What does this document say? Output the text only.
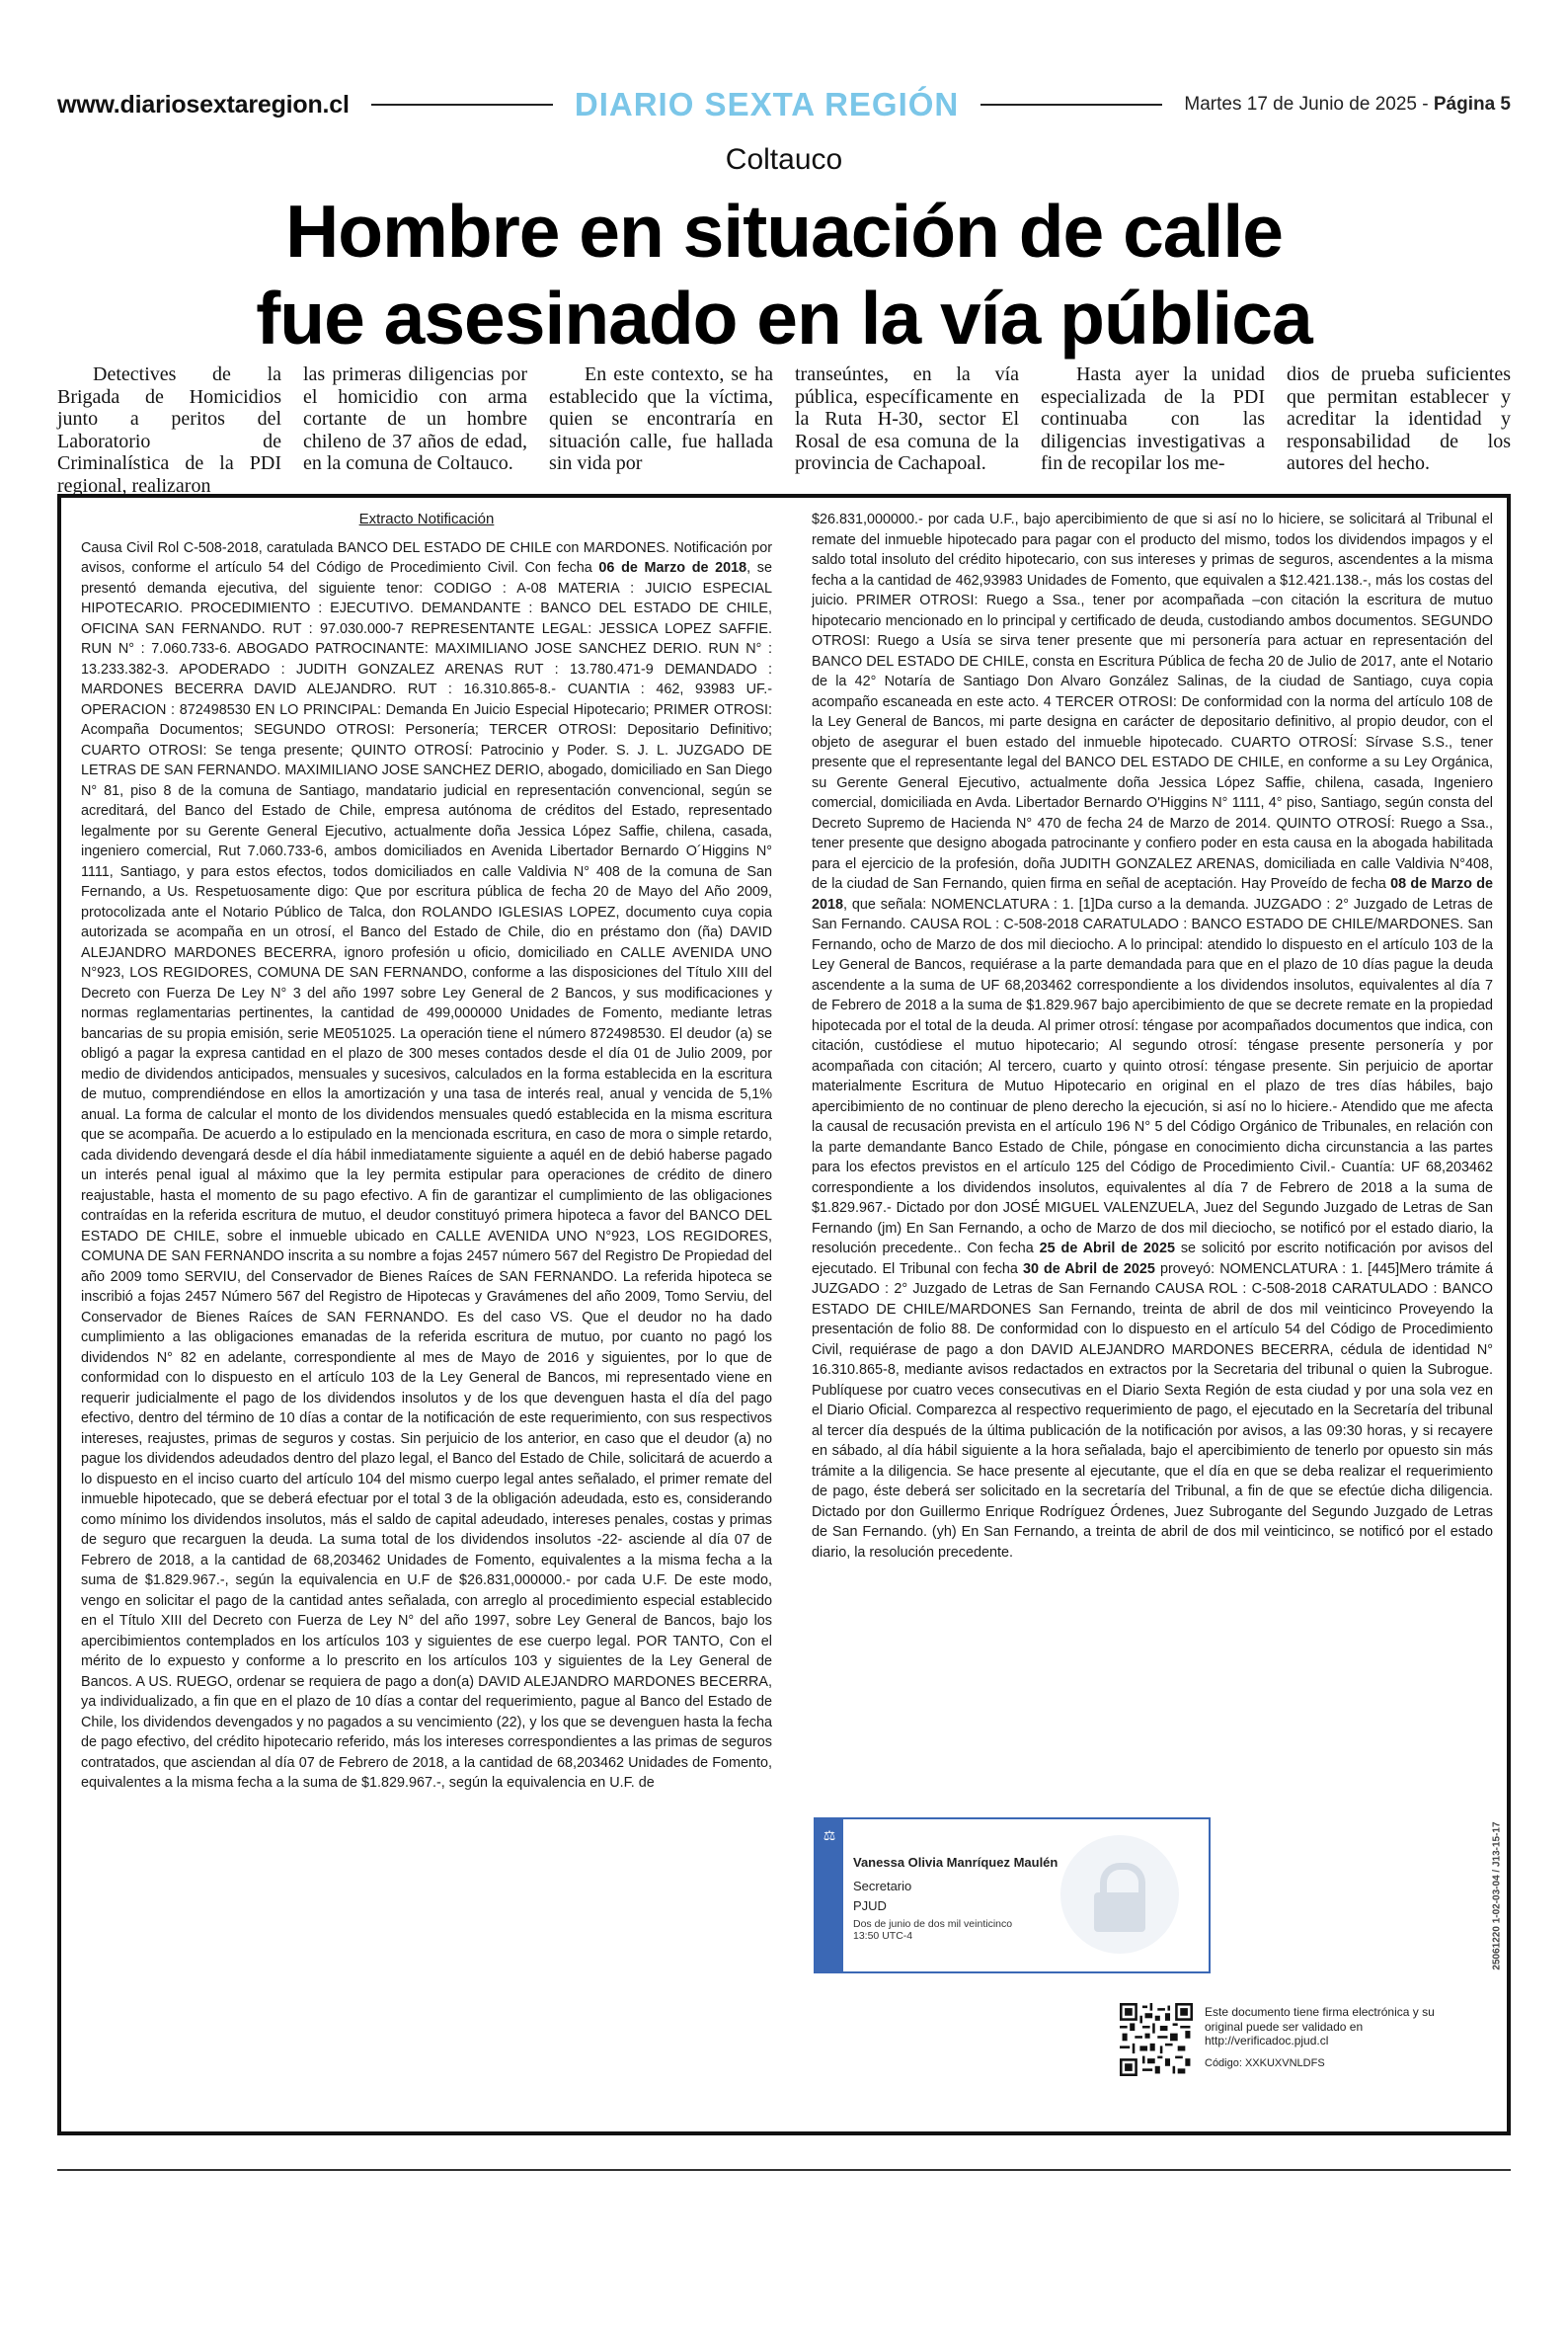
www.diariosextaregion.cl	DIARIO SEXTA REGIÓN	Martes 17 de Junio de 2025 - Página 5
Coltauco
Hombre en situación de calle
fue asesinado en la vía pública

Detectives de la Brigada de Homicidios junto a peritos del Laboratorio de Criminalística de la PDI regional, realizaron

las primeras diligencias por el homicidio con arma cortante de un hombre chileno de 37 años de edad, en la comuna de Coltauco.

En este contexto, se ha establecido que la víctima, quien se encontraría en situación calle, fue hallada sin vida por

transeúntes, en la vía pública, específicamente en la Ruta H-30, sector El Rosal de esa comuna de la provincia de Cachapoal.

Hasta ayer la unidad especializada de la PDI continuaba con las diligencias investigativas a fin de recopilar los me-

dios de prueba suficientes que permitan establecer y acreditar la identidad y responsabilidad de los autores del hecho.

Extracto Notificación

Causa Civil Rol C-508-2018, caratulada BANCO DEL ESTADO DE CHILE con MARDONES. Notificación por avisos, conforme el artículo 54 del Código de Procedimiento Civil. Con fecha 06 de Marzo de 2018, se presentó demanda ejecutiva, del siguiente tenor: CODIGO : A-08 MATERIA : JUICIO ESPECIAL HIPOTECARIO. PROCEDIMIENTO : EJECUTIVO. DEMANDANTE : BANCO DEL ESTADO DE CHILE, OFICINA SAN FERNANDO. RUT : 97.030.000-7 REPRESENTANTE LEGAL: JESSICA LOPEZ SAFFIE. RUN N° : 7.060.733-6. ABOGADO PATROCINANTE: MAXIMILIANO JOSE SANCHEZ DERIO. RUN N° : 13.233.382-3. APODERADO : JUDITH GONZALEZ ARENAS RUT : 13.780.471-9 DEMANDADO : MARDONES BECERRA DAVID ALEJANDRO. RUT : 16.310.865-8.- CUANTIA : 462, 93983 UF.- OPERACION : 872498530 EN LO PRINCIPAL: Demanda En Juicio Especial Hipotecario; PRIMER OTROSI: Acompaña Documentos; SEGUNDO OTROSI: Personería; TERCER OTROSI: Depositario Definitivo; CUARTO OTROSI: Se tenga presente; QUINTO OTROSÍ: Patrocinio y Poder. S. J. L. JUZGADO DE LETRAS DE SAN FERNANDO. MAXIMILIANO JOSE SANCHEZ DERIO, abogado, domiciliado en San Diego N° 81, piso 8 de la comuna de Santiago, mandatario judicial en representación convencional, según se acreditará, del Banco del Estado de Chile, empresa autónoma de créditos del Estado, representado legalmente por su Gerente General Ejecutivo, actualmente doña Jessica López Saffie, chilena, casada, ingeniero comercial, Rut 7.060.733-6, ambos domiciliados en Avenida Libertador Bernardo O´Higgins N° 1111, Santiago, y para estos efectos, todos domiciliados en calle Valdivia N° 408 de la comuna de San Fernando, a Us. Respetuosamente digo: Que por escritura pública de fecha 20 de Mayo del Año 2009, protocolizada ante el Notario Público de Talca, don ROLANDO IGLESIAS LOPEZ, documento cuya copia autorizada se acompaña en un otrosí, el Banco del Estado de Chile, dio en préstamo don (ña) DAVID ALEJANDRO MARDONES BECERRA, ignoro profesión u oficio, domiciliado en CALLE AVENIDA UNO N°923, LOS REGIDORES, COMUNA DE SAN FERNANDO, conforme a las disposiciones del Título XIII del Decreto con Fuerza De Ley N° 3 del año 1997 sobre Ley General de 2 Bancos, y sus modificaciones y normas reglamentarias pertinentes, la cantidad de 499,000000 Unidades de Fomento, mediante letras bancarias de su propia emisión, serie ME051025. La operación tiene el número 872498530. El deudor (a) se obligó a pagar la expresa cantidad en el plazo de 300 meses contados desde el día 01 de Julio 2009, por medio de dividendos anticipados, mensuales y sucesivos, calculados en la forma establecida en la escritura de mutuo, comprendiéndose en ellos la amortización y una tasa de interés real, anual y vencida de 5,1% anual. La forma de calcular el monto de los dividendos mensuales quedó establecida en la misma escritura que se acompaña. De acuerdo a lo estipulado en la mencionada escritura, en caso de mora o simple retardo, cada dividendo devengará desde el día hábil inmediatamente siguiente a aquél en de debió haberse pagado un interés penal igual al máximo que la ley permita estipular para operaciones de crédito de dinero reajustable, hasta el momento de su pago efectivo. A fin de garantizar el cumplimiento de las obligaciones contraídas en la referida escritura de mutuo, el deudor constituyó primera hipoteca a favor del BANCO DEL ESTADO DE CHILE, sobre el inmueble ubicado en CALLE AVENIDA UNO N°923, LOS REGIDORES, COMUNA DE SAN FERNANDO inscrita a su nombre a fojas 2457 número 567 del Registro De Propiedad del año 2009 tomo SERVIU, del Conservador de Bienes Raíces de SAN FERNANDO. La referida hipoteca se inscribió a fojas 2457 Número 567 del Registro de Hipotecas y Gravámenes del año 2009, Tomo Serviu, del Conservador de Bienes Raíces de SAN FERNANDO. Es del caso VS. Que el deudor no ha dado cumplimiento a las obligaciones emanadas de la referida escritura de mutuo, por cuanto no pagó los dividendos N° 82 en adelante, correspondiente al mes de Mayo de 2016 y siguientes, por lo que de conformidad con lo dispuesto en el artículo 103 de la Ley General de Bancos, mi representado viene en requerir judicialmente el pago de los dividendos insolutos y de los que devenguen hasta el día del pago efectivo, dentro del término de 10 días a contar de la notificación de este requerimiento, con sus respectivos intereses, reajustes, primas de seguros y costas. Sin perjuicio de los anterior, en caso que el deudor (a) no pague los dividendos adeudados dentro del plazo legal, el Banco del Estado de Chile, solicitará de acuerdo a lo dispuesto en el inciso cuarto del artículo 104 del mismo cuerpo legal antes señalado, el primer remate del inmueble hipotecado, que se deberá efectuar por el total 3 de la obligación adeudada, esto es, considerando como mínimo los dividendos insolutos, más el saldo de capital adeudado, intereses penales, costas y primas de seguro que recarguen la deuda. La suma total de los dividendos insolutos -22- asciende al día 07 de Febrero de 2018, a la cantidad de 68,203462 Unidades de Fomento, equivalentes a la misma fecha a la suma de $1.829.967.-, según la equivalencia en U.F de $26.831,000000.- por cada U.F. De este modo, vengo en solicitar el pago de la cantidad antes señalada, con arreglo al procedimiento especial establecido en el Título XIII del Decreto con Fuerza de Ley N° del año 1997, sobre Ley General de Bancos, bajo los apercibimientos contemplados en los artículos 103 y siguientes de ese cuerpo legal. POR TANTO, Con el mérito de lo expuesto y conforme a lo prescrito en los artículos 103 y siguientes de la Ley General de Bancos. A US. RUEGO, ordenar se requiera de pago a don(a) DAVID ALEJANDRO MARDONES BECERRA, ya individualizado, a fin que en el plazo de 10 días a contar del requerimiento, pague al Banco del Estado de Chile, los dividendos devengados y no pagados a su vencimiento (22), y los que se devenguen hasta la fecha de pago efectivo, del crédito hipotecario referido, más los intereses correspondientes a las primas de seguros contratados, que asciendan al día 07 de Febrero de 2018, a la cantidad de 68,203462 Unidades de Fomento, equivalentes a la misma fecha a la suma de $1.829.967.-, según la equivalencia en U.F. de

$26.831,000000.- por cada U.F., bajo apercibimiento de que si así no lo hiciere, se solicitará al Tribunal el remate del inmueble hipotecado para pagar con el producto del mismo, todos los dividendos impagos y el saldo total insoluto del crédito hipotecario, con sus intereses y primas de seguros, ascendentes a la misma fecha a la cantidad de 462,93983 Unidades de Fomento, que equivalen a $12.421.138.-, más los costas del juicio. PRIMER OTROSI: Ruego a Ssa., tener por acompañada –con citación la escritura de mutuo hipotecario mencionado en lo principal y certificado de deuda, custodiando ambos documentos. SEGUNDO OTROSI: Ruego a Usía se sirva tener presente que mi personería para actuar en representación del BANCO DEL ESTADO DE CHILE, consta en Escritura Pública de fecha 20 de Julio de 2017, ante el Notario de la 42° Notaría de Santiago Don Alvaro González Salinas, de la ciudad de Santiago, cuya copia acompaño escaneada en este acto. 4 TERCER OTROSI: De conformidad con la norma del artículo 108 de la Ley General de Bancos, mi parte designa en carácter de depositario definitivo, al propio deudor, con el objeto de asegurar el buen estado del inmueble hipotecado. CUARTO OTROSÍ: Sírvase S.S., tener presente que el representante legal del BANCO DEL ESTADO DE CHILE, en conforme a su Ley Orgánica, su Gerente General Ejecutivo, actualmente doña Jessica López Saffie, chilena, casada, Ingeniero comercial, domiciliada en Avda. Libertador Bernardo O'Higgins N° 1111, 4° piso, Santiago, según consta del Decreto Supremo de Hacienda N° 470 de fecha 24 de Marzo de 2014. QUINTO OTROSÍ: Ruego a Ssa., tener presente que designo abogada patrocinante y confiero poder en esta causa en la abogada habilitada para el ejercicio de la profesión, doña JUDITH GONZALEZ ARENAS, domiciliada en calle Valdivia N°408, de la ciudad de San Fernando, quien firma en señal de aceptación. Hay Proveído de fecha 08 de Marzo de 2018, que señala: NOMENCLATURA : 1. [1]Da curso a la demanda. JUZGADO : 2° Juzgado de Letras de San Fernando. CAUSA ROL : C-508-2018 CARATULADO : BANCO ESTADO DE CHILE/MARDONES. San Fernando, ocho de Marzo de dos mil dieciocho. A lo principal: atendido lo dispuesto en el artículo 103 de la Ley General de Bancos, requiérase a la parte demandada para que en el plazo de 10 días pague la deuda ascendente a la suma de UF 68,203462 correspondiente a los dividendos insolutos, equivalentes al día 7 de Febrero de 2018 a la suma de $1.829.967 bajo apercibimiento de que se decrete remate en la propiedad hipotecada por el total de la deuda. Al primer otrosí: téngase por acompañados documentos que indica, con citación, custódiese el mutuo hipotecario; Al segundo otrosí: téngase presente personería y por acompañada con citación; Al tercero, cuarto y quinto otrosí: téngase presente. Sin perjuicio de aportar materialmente Escritura de Mutuo Hipotecario en original en el plazo de tres días hábiles, bajo apercibimiento de no continuar de pleno derecho la ejecución, si así no lo hiciere.- Atendido que me afecta la causal de recusación prevista en el artículo 196 N° 5 del Código Orgánico de Tribunales, en relación con la parte demandante Banco Estado de Chile, póngase en conocimiento dicha circunstancia a las partes para los efectos previstos en el artículo 125 del Código de Procedimiento Civil.- Cuantía: UF 68,203462 correspondiente a los dividendos insolutos, equivalentes al día 7 de Febrero de 2018 a la suma de $1.829.967.- Dictado por don JOSÉ MIGUEL VALENZUELA, Juez del Segundo Juzgado de Letras de San Fernando (jm) En San Fernando, a ocho de Marzo de dos mil dieciocho, se notificó por el estado diario, la resolución precedente.. Con fecha 25 de Abril de 2025 se solicitó por escrito notificación por avisos del ejecutado. El Tribunal con fecha 30 de Abril de 2025 proveyó: NOMENCLATURA : 1. [445]Mero trámite á JUZGADO : 2° Juzgado de Letras de San Fernando CAUSA ROL : C-508-2018 CARATULADO : BANCO ESTADO DE CHILE/MARDONES San Fernando, treinta de abril de dos mil veinticinco Proveyendo la presentación de folio 88. De conformidad con lo dispuesto en el artículo 54 del Código de Procedimiento Civil, requiérase de pago a don DAVID ALEJANDRO MARDONES BECERRA, cédula de identidad N° 16.310.865-8, mediante avisos redactados en extractos por la Secretaria del tribunal o quien la Subrogue. Publíquese por cuatro veces consecutivas en el Diario Sexta Región de esta ciudad y por una sola vez en el Diario Oficial. Comparezca al respectivo requerimiento de pago, el ejecutado en la Secretaría del tribunal al tercer día después de la última publicación de la notificación por avisos, a las 09:30 horas, y si recayere en sábado, al día hábil siguiente a la hora señalada, bajo el apercibimiento de tenerlo por opuesto sin más trámite a la diligencia. Se hace presente al ejecutante, que el día en que se deba realizar el requerimiento de pago, éste deberá ser solicitado en la secretaría del Tribunal, a fin de que se efectúe dicha diligencia. Dictado por don Guillermo Enrique Rodríguez Órdenes, Juez Subrogante del Segundo Juzgado de Letras de San Fernando. (yh) En San Fernando, a treinta de abril de dos mil veinticinco, se notificó por el estado diario, la resolución precedente.

⚖
Vanessa Olivia Manríquez Maulén
Secretario
PJUD
Dos de junio de dos mil veinticinco
13:50 UTC-4	25061220 1-02-03-04 / J13-15-17
Este documento tiene firma electrónica y su original puede ser validado en http://verificadoc.pjud.cl
Código: XXKUXVNLDFS
